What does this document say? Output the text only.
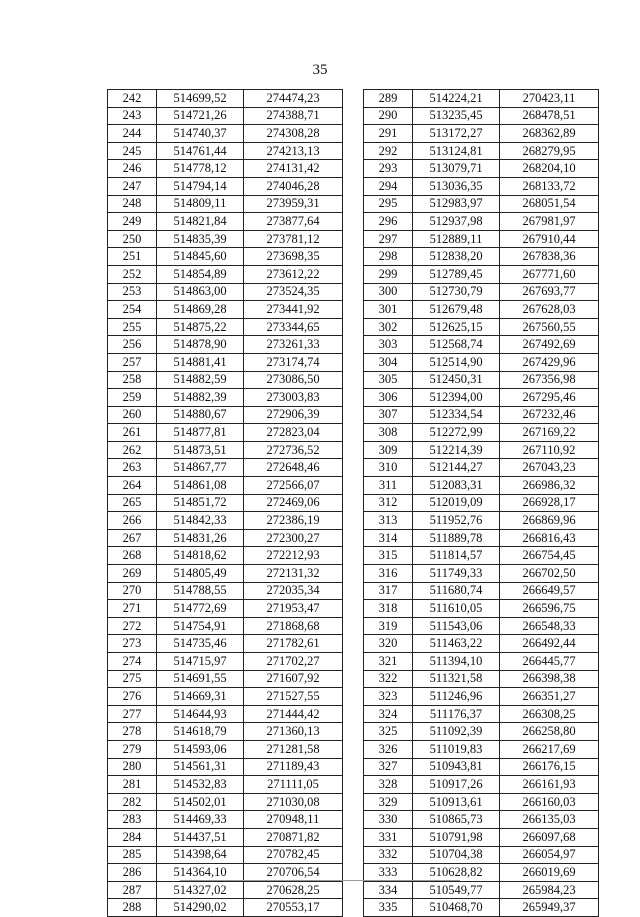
35
242	514699,52	274474,23
243	514721,26	274388,71
244	514740,37	274308,28
245	514761,44	274213,13
246	514778,12	274131,42
247	514794,14	274046,28
248	514809,11	273959,31
249	514821,84	273877,64
250	514835,39	273781,12
251	514845,60	273698,35
252	514854,89	273612,22
253	514863,00	273524,35
254	514869,28	273441,92
255	514875,22	273344,65
256	514878,90	273261,33
257	514881,41	273174,74
258	514882,59	273086,50
259	514882,39	273003,83
260	514880,67	272906,39
261	514877,81	272823,04
262	514873,51	272736,52
263	514867,77	272648,46
264	514861,08	272566,07
265	514851,72	272469,06
266	514842,33	272386,19
267	514831,26	272300,27
268	514818,62	272212,93
269	514805,49	272131,32
270	514788,55	272035,34
271	514772,69	271953,47
272	514754,91	271868,68
273	514735,46	271782,61
274	514715,97	271702,27
275	514691,55	271607,92
276	514669,31	271527,55
277	514644,93	271444,42
278	514618,79	271360,13
279	514593,06	271281,58
280	514561,31	271189,43
281	514532,83	271111,05
282	514502,01	271030,08
283	514469,33	270948,11
284	514437,51	270871,82
285	514398,64	270782,45
286	514364,10	270706,54
287	514327,02	270628,25
288	514290,02	270553,17
289	514224,21	270423,11
290	513235,45	268478,51
291	513172,27	268362,89
292	513124,81	268279,95
293	513079,71	268204,10
294	513036,35	268133,72
295	512983,97	268051,54
296	512937,98	267981,97
297	512889,11	267910,44
298	512838,20	267838,36
299	512789,45	267771,60
300	512730,79	267693,77
301	512679,48	267628,03
302	512625,15	267560,55
303	512568,74	267492,69
304	512514,90	267429,96
305	512450,31	267356,98
306	512394,00	267295,46
307	512334,54	267232,46
308	512272,99	267169,22
309	512214,39	267110,92
310	512144,27	267043,23
311	512083,31	266986,32
312	512019,09	266928,17
313	511952,76	266869,96
314	511889,78	266816,43
315	511814,57	266754,45
316	511749,33	266702,50
317	511680,74	266649,57
318	511610,05	266596,75
319	511543,06	266548,33
320	511463,22	266492,44
321	511394,10	266445,77
322	511321,58	266398,38
323	511246,96	266351,27
324	511176,37	266308,25
325	511092,39	266258,80
326	511019,83	266217,69
327	510943,81	266176,15
328	510917,26	266161,93
329	510913,61	266160,03
330	510865,73	266135,03
331	510791,98	266097,68
332	510704,38	266054,97
333	510628,82	266019,69
334	510549,77	265984,23
335	510468,70	265949,37
